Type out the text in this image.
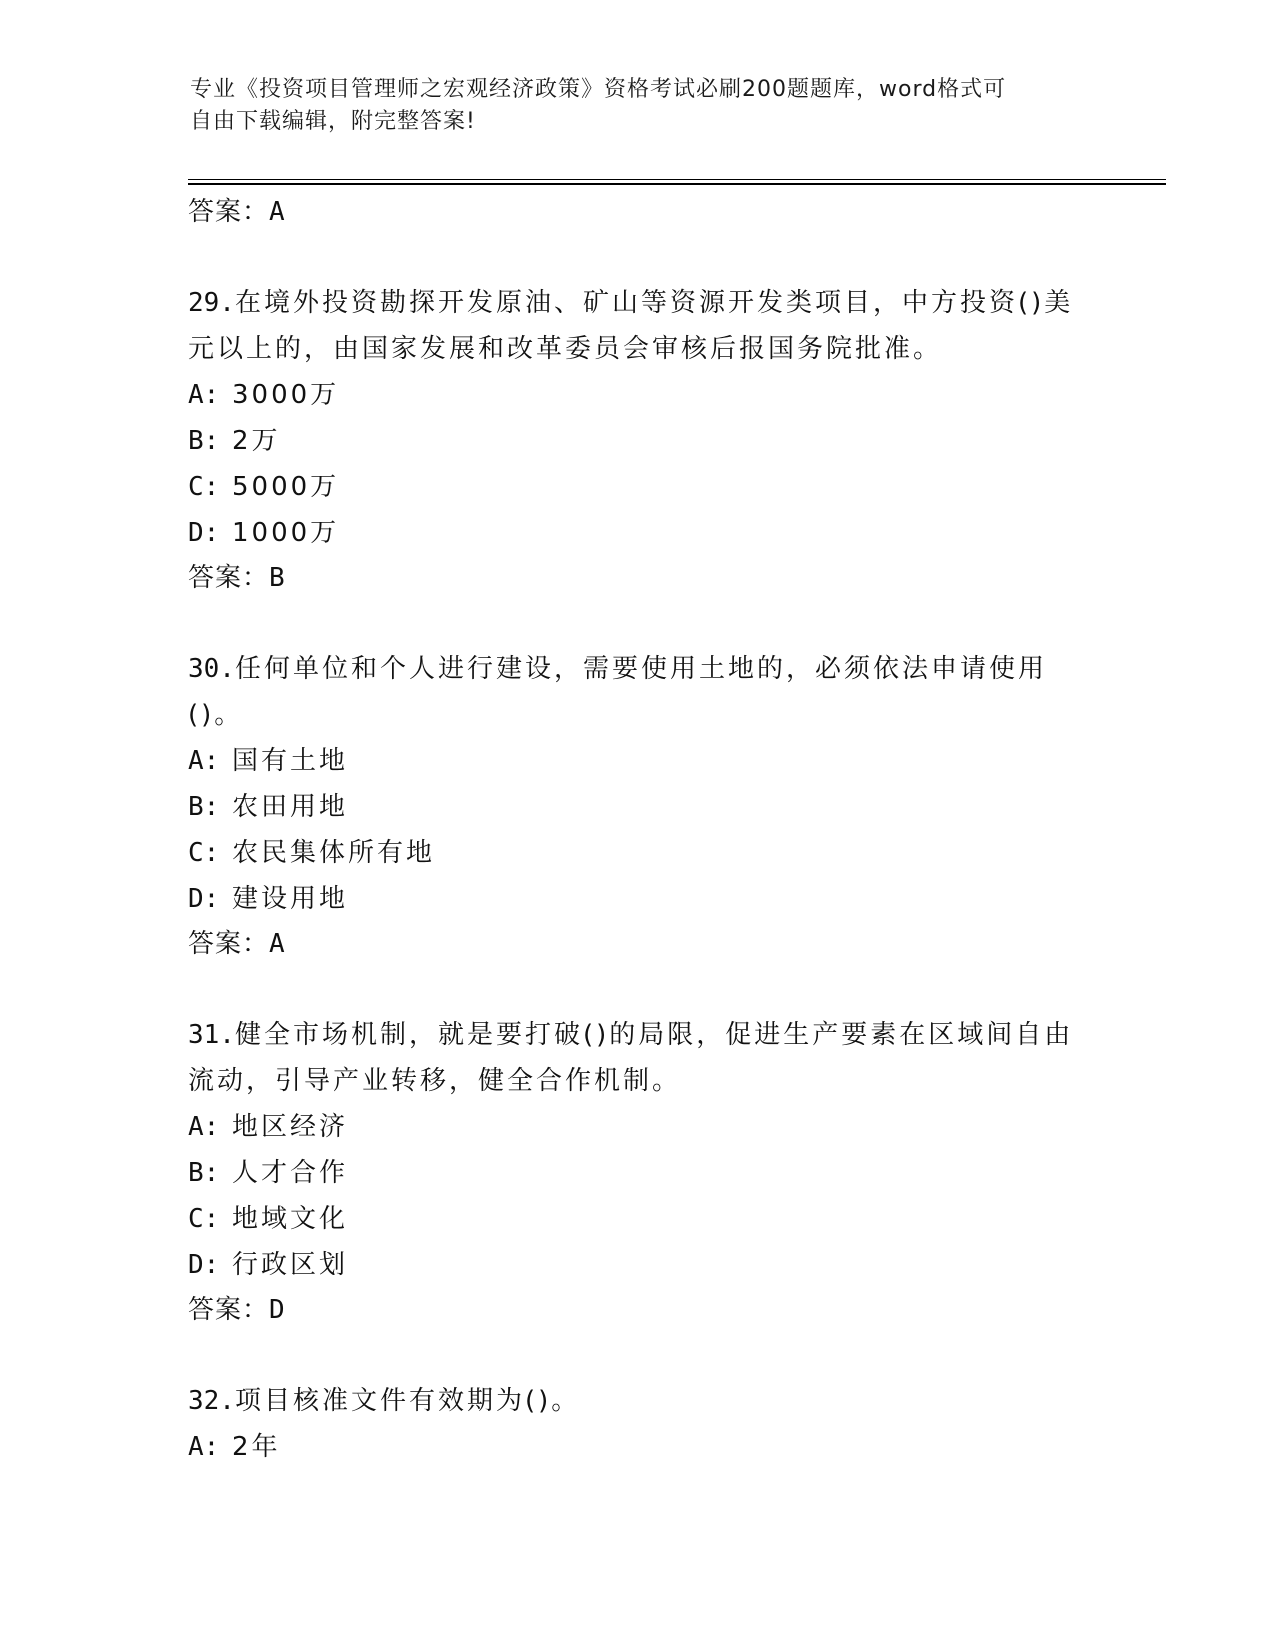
专业《投资项目管理师之宏观经济政策》资格考试必刷200题题库，word格式可
自由下载编辑，附完整答案!
答案：A
29.在境外投资勘探开发原油、矿山等资源开发类项目，中方投资()美元以上的，由国家发展和改革委员会审核后报国务院批准。
A: 3000万
B: 2万
C: 5000万
D: 1000万
答案：B
30.任何单位和个人进行建设，需要使用土地的，必须依法申请使用()。
A: 国有土地
B: 农田用地
C: 农民集体所有地
D: 建设用地
答案：A
31.健全市场机制，就是要打破()的局限，促进生产要素在区域间自由流动，引导产业转移，健全合作机制。
A: 地区经济
B: 人才合作
C: 地域文化
D: 行政区划
答案：D
32.项目核准文件有效期为()。
A: 2年
